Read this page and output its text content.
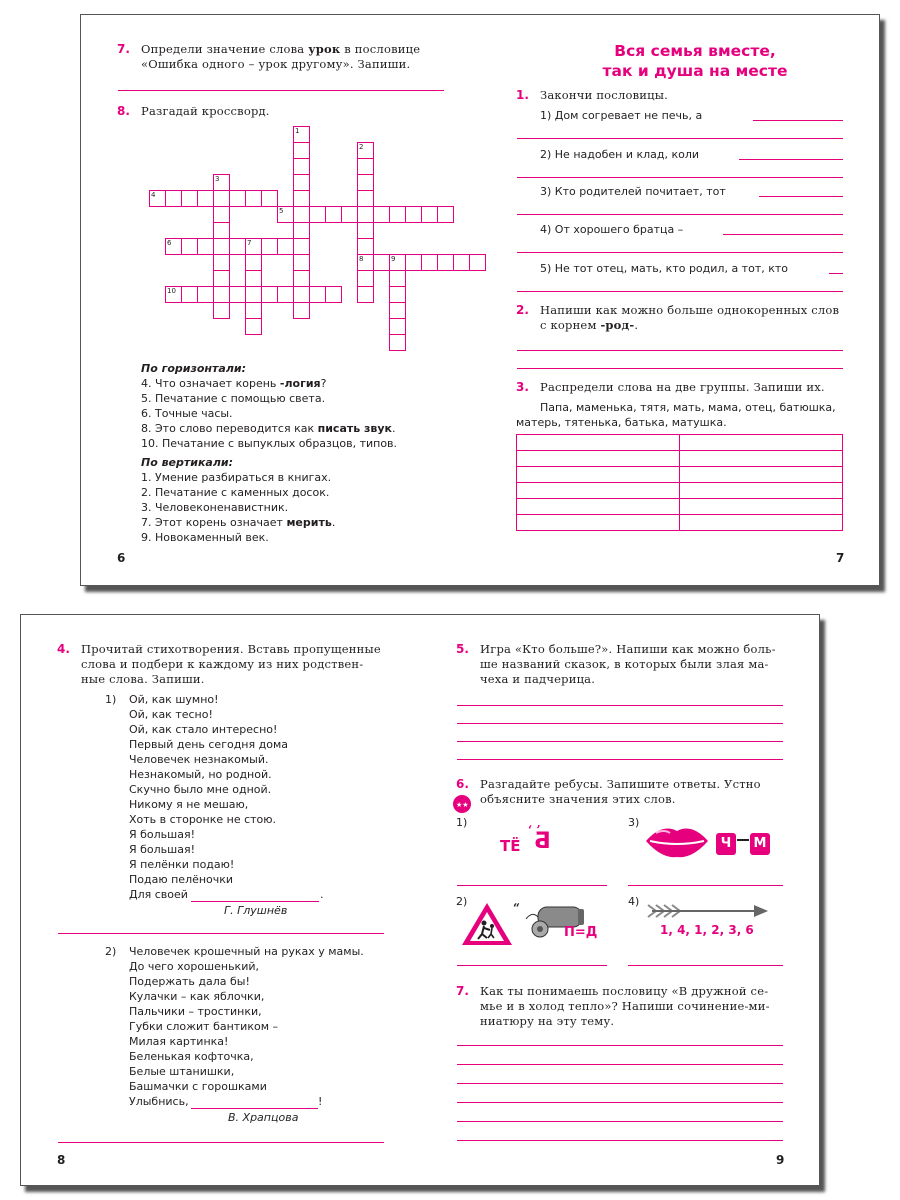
7. Определи значение слова урок в пословице
«Ошибка одного – урок другому». Запиши.
8. Разгадай кроссворд.
1
2
3
4
5
6	7
8	9
10
По горизонтали:
4. Что означает корень -логия?
5. Печатание с помощью света.
6. Точные часы.
8. Это слово переводится как писать звук.
10. Печатание с выпуклых образцов, типов.
По вертикали:
1. Умение разбираться в книгах.
2. Печатание с каменных досок.
3. Человеконенавистник.
7. Этот корень означает мерить.
9. Новокаменный век.
6
Вся семья вместе,
так и душа на месте
1. Закончи пословицы.
2. Напиши как можно больше однокоренных слов
с корнем -род-.
3. Распредели слова на две группы. Запиши их.
Папа, маменька, тятя, мать, мама, отец, батюшка,
матерь, тятенька, батька, матушка.

7
1) Дом согревает не печь, а
2) Не надобен и клад, коли
3) Кто родителей почитает, тот
4) От хорошего братца –
5) Не тот отец, мать, кто родил, а тот, кто
4. Прочитай стихотворения. Вставь пропущенные
слова и подбери к каждому из них родствен-
ные слова. Запиши.
1) Ой, как шумно!
Ой, как тесно!
Ой, как стало интересно!
Первый день сегодня дома
Человечек незнакомый.
Незнакомый, но родной.
Скучно было мне одной.
Никому я не мешаю,
Хоть в сторонке не стою.
Я большая!
Я большая!
Я пелёнки подаю!
Подаю пелёночки
Для своей	.
Г. Глушнёв
2) Человечек крошечный на руках у мамы.
До чего хорошенький,
Подержать дала бы!
Кулачки – как яблочки,
Пальчики – тростинки,
Губки сложит бантиком –
Милая картинка!
Беленькая кофточка,
Белые штанишки,
Башмачки с горошками
Улыбнись,	!
В. Храпцова
8
5. Игра «Кто больше?». Напиши как можно боль-
ше названий сказок, в которых были злая ма-
чеха и падчерица.
6.
★★
Разгадайте ребусы. Запишите ответы. Устно
объясните значения этих слов.
1)
ТЁ
‘ ’
Б
3)
Ч	М
2)	“
П=Д
4)
1, 4, 1, 2, 3, 6
7. Как ты понимаешь пословицу «В дружной се-
мье и в холод тепло»? Напиши сочинение-ми-
ниатюру на эту тему.
9
